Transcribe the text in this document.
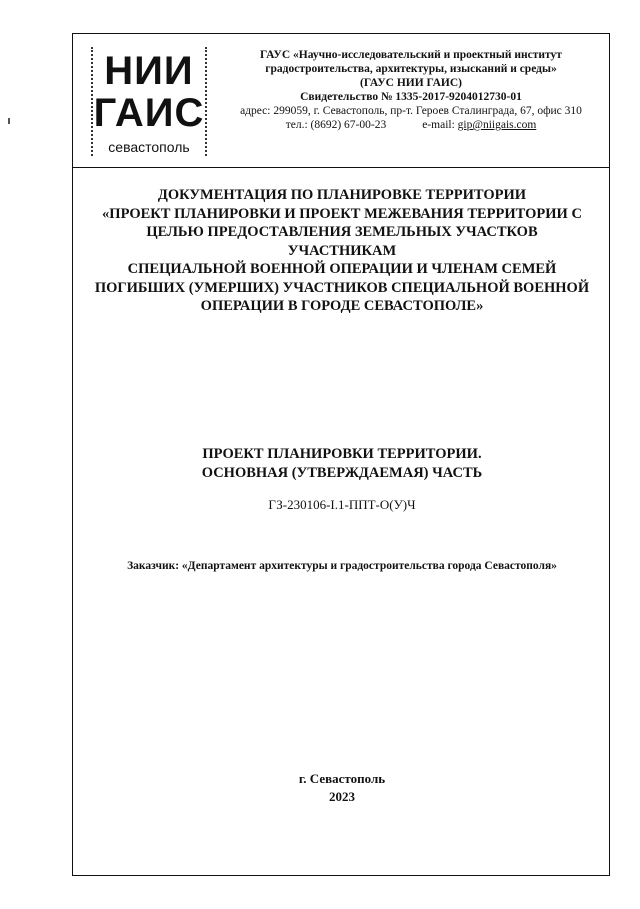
НИИ
ГАИС
севастополь
ГАУС «Научно-исследовательский и проектный институт
градостроительства, архитектуры, изысканий и среды»
(ГАУС НИИ ГАИС)
Свидетельство № 1335-2017-9204012730-01
адрес: 299059, г. Севастополь, пр-т. Героев Сталинграда, 67, офис 310
тел.: (8692) 67-00-23	e-mail: gip@niigais.com
ДОКУМЕНТАЦИЯ ПО ПЛАНИРОВКЕ ТЕРРИТОРИИ
«ПРОЕКТ ПЛАНИРОВКИ И ПРОЕКТ МЕЖЕВАНИЯ ТЕРРИТОРИИ С
ЦЕЛЬЮ ПРЕДОСТАВЛЕНИЯ ЗЕМЕЛЬНЫХ УЧАСТКОВ УЧАСТНИКАМ
СПЕЦИАЛЬНОЙ ВОЕННОЙ ОПЕРАЦИИ И ЧЛЕНАМ СЕМЕЙ
ПОГИБШИХ (УМЕРШИХ) УЧАСТНИКОВ СПЕЦИАЛЬНОЙ ВОЕННОЙ
ОПЕРАЦИИ В ГОРОДЕ СЕВАСТОПОЛЕ»
ПРОЕКТ ПЛАНИРОВКИ ТЕРРИТОРИИ.
ОСНОВНАЯ (УТВЕРЖДАЕМАЯ) ЧАСТЬ
ГЗ-230106-I.1-ППТ-О(У)Ч
Заказчик: «Департамент архитектуры и градостроительства города Севастополя»
г. Севастополь
2023
